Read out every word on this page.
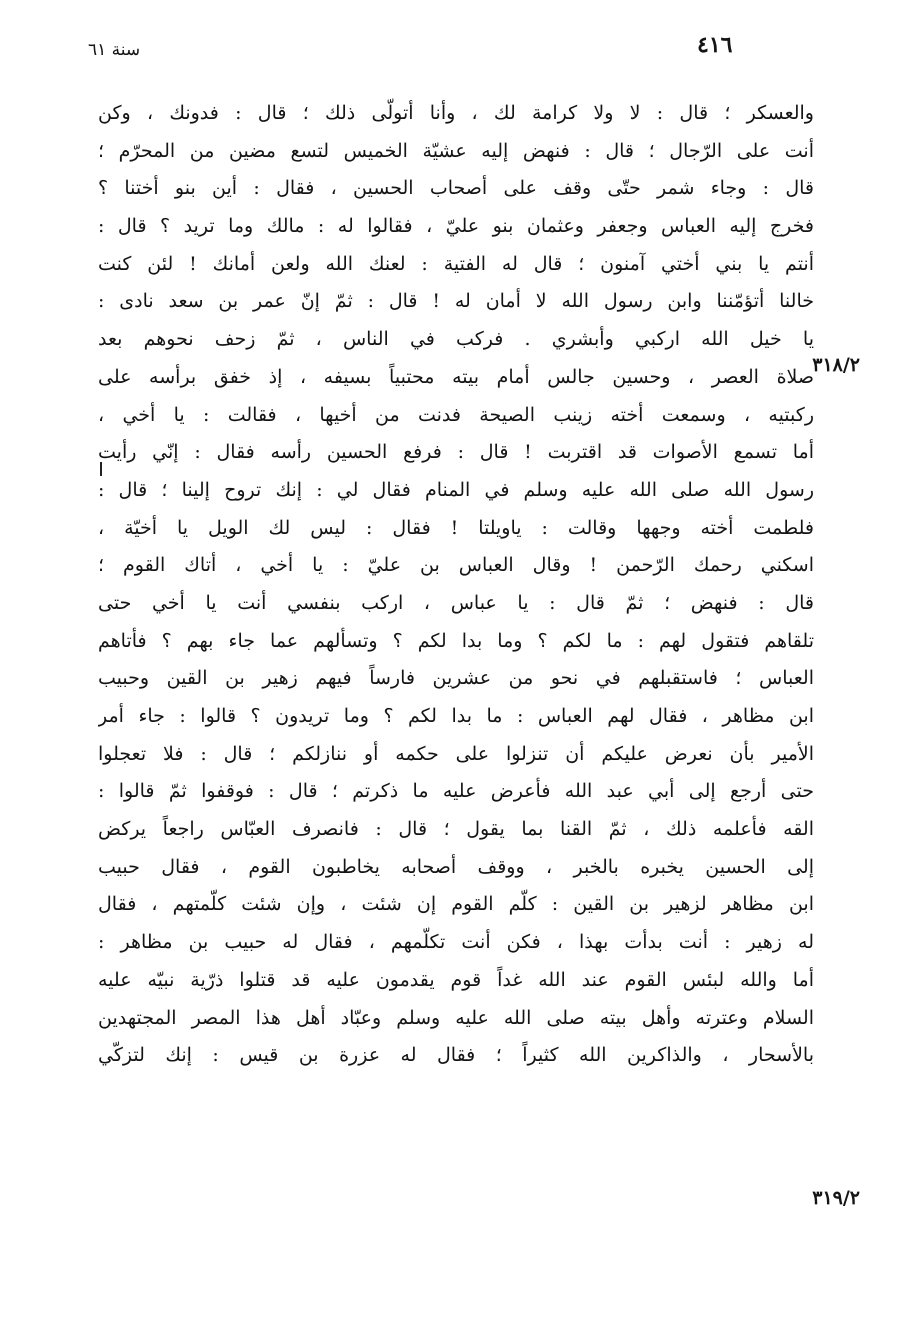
سنة ٦١	٤١٦
٣١٨/٢
٣١٩/٢
والعسكر ؛ قال : لا ولا كرامة لك ، وأنا أتولّى ذلك ؛ قال : فدونك ، وكن
أنت على الرّجال ؛ قال : فنهض إليه عشيّة الخميس لتسع مضين من المحرّم ؛
قال : وجاء شمر حتّى وقف على أصحاب الحسين ، فقال : أين بنو أختنا ؟
فخرج إليه العباس وجعفر وعثمان بنو عليّ ، فقالوا له : مالك وما تريد ؟ قال :
أنتم يا بني أختي آمنون ؛ قال له الفتية : لعنك الله ولعن أمانك ! لئن كنت
خالنا أتؤمّننا وابن رسول الله لا أمان له ! قال : ثمّ إنّ عمر بن سعد نادى :
يا خيل الله اركبي وأبشري . فركب في الناس ، ثمّ زحف نحوهم بعد
صلاة العصر ، وحسين جالس أمام بيته محتبياً بسيفه ، إذ خفق برأسه على
ركبتيه ، وسمعت أخته زينب الصيحة فدنت من أخيها ، فقالت : يا أخي ،
أما تسمع الأصوات قد اقتربت ! قال : فرفع الحسين رأسه فقال : إنّي رأيت
رسول الله صلى الله عليه وسلم في المنام فقال لي : إنك تروح إلينا ؛ قال :
فلطمت أخته وجهها وقالت : ياويلتا ! فقال : ليس لك الويل يا أخيّة ،
اسكني رحمك الرّحمن ! وقال العباس بن عليّ : يا أخي ، أتاك القوم ؛
قال : فنهض ؛ ثمّ قال : يا عباس ، اركب بنفسي أنت يا أخي حتى
تلقاهم فتقول لهم : ما لكم ؟ وما بدا لكم ؟ وتسألهم عما جاء بهم ؟ فأتاهم
العباس ؛ فاستقبلهم في نحو من عشرين فارساً فيهم زهير بن القين وحبيب
ابن مظاهر ، فقال لهم العباس : ما بدا لكم ؟ وما تريدون ؟ قالوا : جاء أمر
الأمير بأن نعرض عليكم أن تنزلوا على حكمه أو ننازلكم ؛ قال : فلا تعجلوا
حتى أرجع إلى أبي عبد الله فأعرض عليه ما ذكرتم ؛ قال : فوقفوا ثمّ قالوا :
القه فأعلمه ذلك ، ثمّ القنا بما يقول ؛ قال : فانصرف العبّاس راجعاً يركض
إلى الحسين يخبره بالخبر ، ووقف أصحابه يخاطبون القوم ، فقال حبيب
ابن مظاهر لزهير بن القين : كلّم القوم إن شئت ، وإن شئت كلّمتهم ، فقال
له زهير : أنت بدأت بهذا ، فكن أنت تكلّمهم ، فقال له حبيب بن مظاهر :
أما والله لبئس القوم عند الله غداً قوم يقدمون عليه قد قتلوا ذرّية نبيّه عليه
السلام وعترته وأهل بيته صلى الله عليه وسلم وعبّاد أهل هذا المصر المجتهدين
بالأسحار ، والذاكرين الله كثيراً ؛ فقال له عزرة بن قيس : إنك لتزكّي
